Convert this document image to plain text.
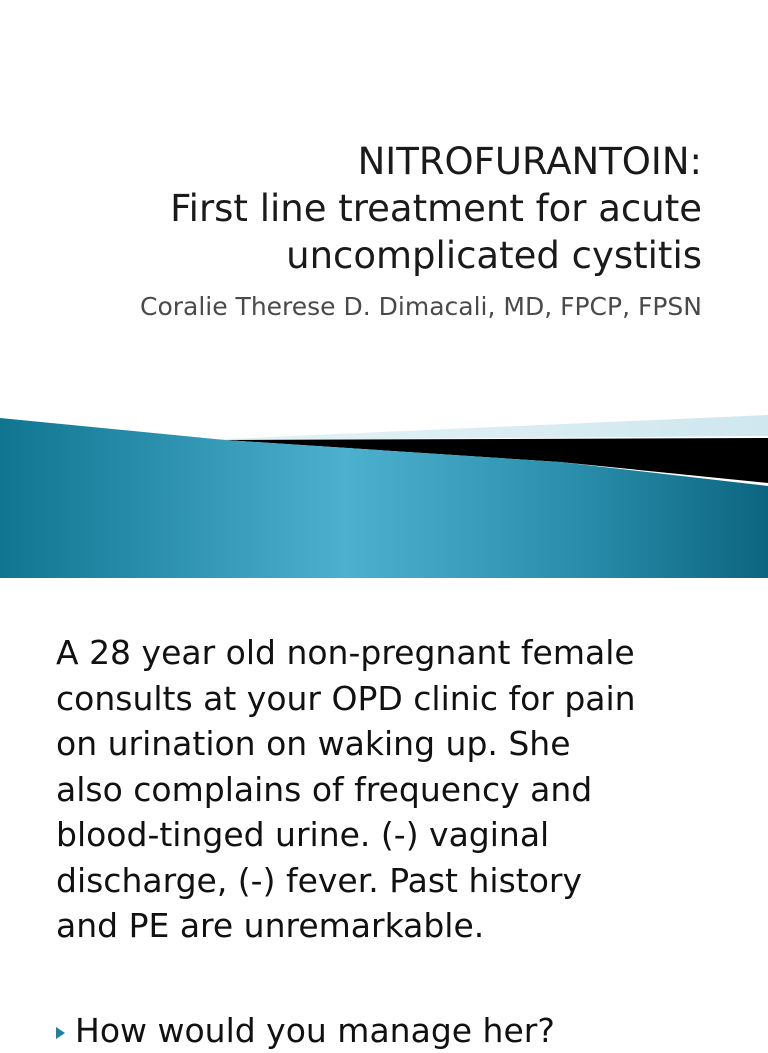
NITROFURANTOIN:
First line treatment for acute uncomplicated cystitis
Coralie Therese D. Dimacali, MD, FPCP, FPSN

A 28 year old non-pregnant female
consults at your OPD clinic for pain
on urination on waking up. She
also complains of frequency and
blood-tinged urine. (-) vaginal
discharge, (-) fever. Past history
and PE are unremarkable.

How would you manage her?
